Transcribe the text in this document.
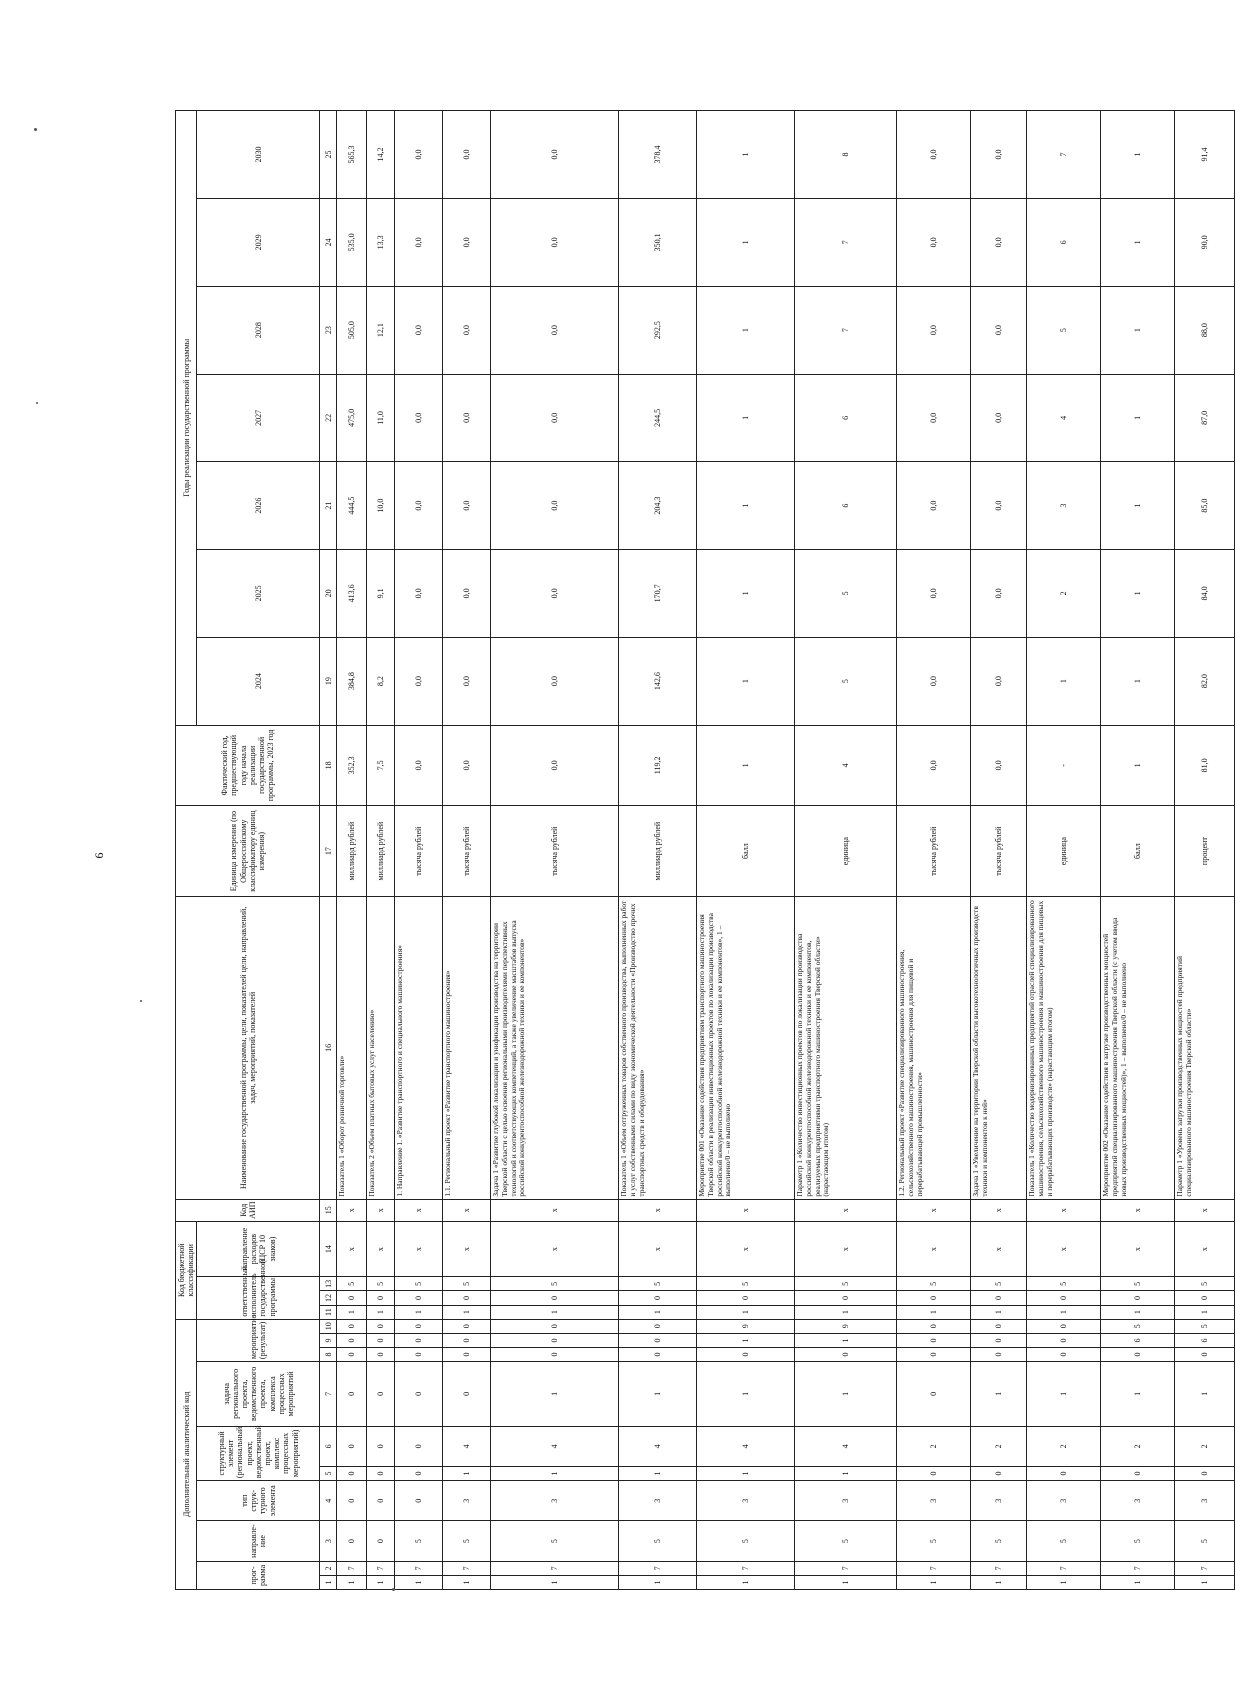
9
Дополнительный аналитический код										Код бюджетной классификации				Код АИП	Наименование государственной программы, цели, показателей цели, направлений, задач, мероприятий, показателей	Единица измерения (по Общероссийскому классификатору единиц измерения)	Фактический год, предшествующий году начала реализации государственной программы, 2023 год	Годы реализации государственной программы						
прог-рамма		направле-ние	тип струк-турного элемента	структурный элемент (региональный проект, ведомственный проект, комплекс процессных мероприятий)		задача регионального проекта, ведомственного проекта, комплекса процессных мероприятий	мероприятие (результат)			ответственный исполнитель государственной программы			направление расходов (ЦСР 10 знаков)					2024	2025	2026	2027	2028	2029	2030
1	2	3	4	5	6	7	8	9	10	11	12	13	14	15	16	17	18	19	20	21	22	23	24	25
1	7	0	0	0	0	0	0	0	0	1	0	5	х	х	Показатель 1 «Оборот розничной торговли»	миллиард рублей	352,3	384,8	413,6	444,5	475,0	505,0	535,0	565,3
1	7	0	0	0	0	0	0	0	0	1	0	5	х	х	Показатель 2 «Объем платных бытовых услуг населению»	миллиард рублей	7,5	8,2	9,1	10,0	11,0	12,1	13,3	14,2
1	7	5	0	0	0	0	0	0	0	1	0	5	х	х	1. Направление 1. «Развитие транспортного и специального машиностроения»	тысяча рублей	0,0	0,0	0,0	0,0	0,0	0,0	0,0	0,0
1	7	5	3	1	4	0	0	0	0	1	0	5	х	х	1.1. Региональный проект «Развитие транспортного машиностроения»	тысяча рублей	0,0	0,0	0,0	0,0	0,0	0,0	0,0	0,0
1	7	5	3	1	4	1	0	0	0	1	0	5	х	х	Задача 1 «Развитие глубокой локализации и унификации производства на территории Тверской области с целью освоения региональными производителями перспективных технологий и соответствующих компетенций, а также увеличение масштабов выпуска российской конкурентоспособной железнодорожной техники и ее компонентов»	тысяча рублей	0,0	0,0	0,0	0,0	0,0	0,0	0,0	0,0
1	7	5	3	1	4	1	0	0	0	1	0	5	х	х	Показатель 1 «Объем отгруженных товаров собственного производства, выполненных работ и услуг собственными силами по виду экономической деятельности «Производство прочих транспортных средств и оборудования»	миллиард рублей	119,2	142,6	170,7	204,3	244,5	292,5	350,1	378,4
1	7	5	3	1	4	1	0	1	9	1	0	5	х	х	Мероприятие 001 «Оказание содействия предприятиям транспортного машиностроения Тверской области в реализации инвестиционных проектов по локализации производства российской конкурентоспособной железнодорожной техники и ее компонентов», 1 – выполнено/0 – не выполнено	балл	1	1	1	1	1	1	1	1
1	7	5	3	1	4	1	0	1	9	1	0	5	х	х	Параметр 1 «Количество инвестиционных проектов по локализации производства российской конкурентоспособной железнодорожной техники и ее компонентов, реализуемых предприятиями транспортного машиностроения Тверской области» (нарастающим итогом)	единица	4	5	5	6	6	7	7	8
1	7	5	3	0	2	0	0	0	0	1	0	5	х	х	1.2. Региональный проект «Развитие специализированного машиностроения, сельскохозяйственного машиностроения, машиностроения для пищевой и перерабатывающей промышленности»	тысяча рублей	0,0	0,0	0,0	0,0	0,0	0,0	0,0	0,0
1	7	5	3	0	2	1	0	0	0	1	0	5	х	х	Задача 1 «Увеличение на территории Тверской области высокотехнологичных производств техники и компонентов к ней»	тысяча рублей	0,0	0,0	0,0	0,0	0,0	0,0	0,0	0,0
1	7	5	3	0	2	1	0	0	0	1	0	5	х	х	Показатель 1 «Количество модернизированных предприятий отраслей специализированного машиностроения, сельскохозяйственного машиностроения и машиностроения для пищевых и перерабатывающих производств» (нарастающим итогом)	единица	-	1	2	3	4	5	6	7
1	7	5	3	0	2	1	0	6	5	1	0	5	х	х	Мероприятие 002 «Оказание содействия в загрузке производственных мощностей предприятий специализированного машиностроения Тверской области (с учетом ввода новых производственных мощностей)», 1 – выполнено/0 – не выполнено	балл	1	1	1	1	1	1	1	1
1	7	5	3	0	2	1	0	6	5	1	0	5	х	х	Параметр 1 «Уровень загрузки производственных мощностей предприятий специализированного машиностроения Тверской области»	процент	81,0	82,0	84,0	85,0	87,0	88,0	90,0	91,4
